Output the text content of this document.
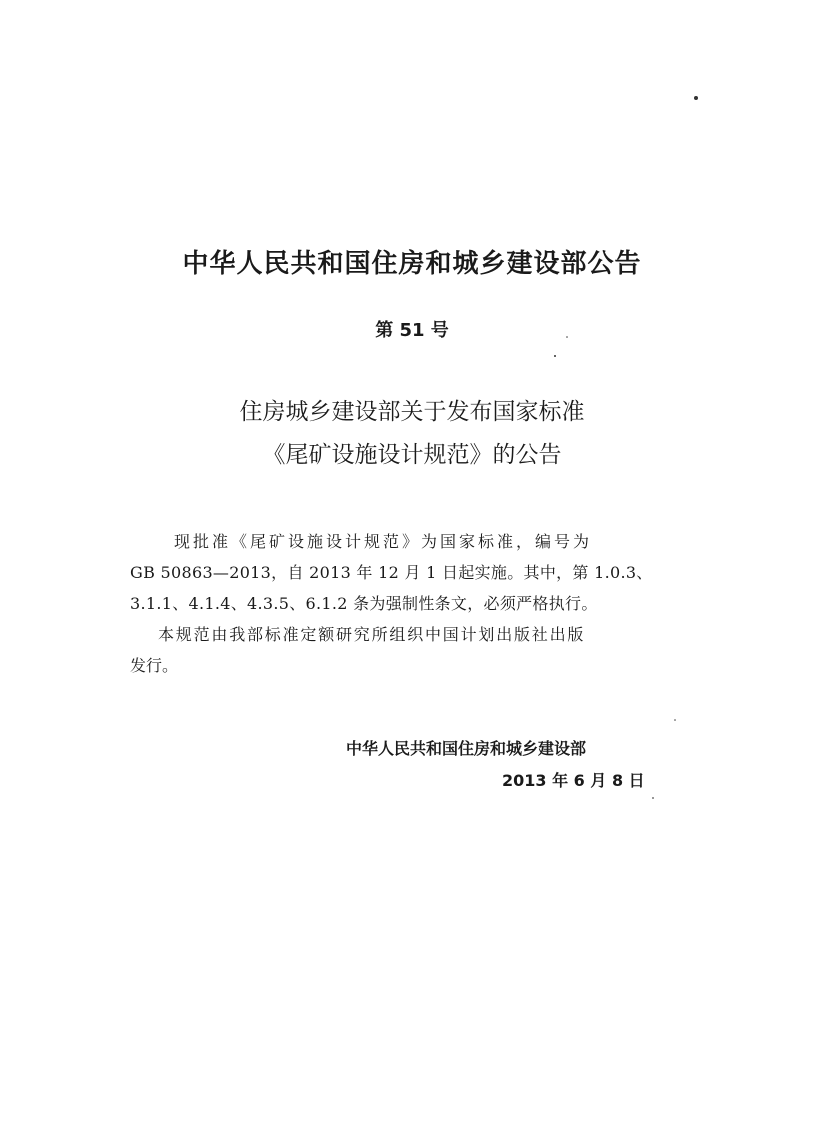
中华人民共和国住房和城乡建设部公告
第 51 号
住房城乡建设部关于发布国家标准
《尾矿设施设计规范》的公告
现批准《尾矿设施设计规范》为国家标准，编号为
GB 50863—2013，自 2013 年 12 月 1 日起实施。其中，第 1.0.3、
3.1.1、4.1.4、4.3.5、6.1.2 条为强制性条文，必须严格执行。
本规范由我部标准定额研究所组织中国计划出版社出版
发行。
中华人民共和国住房和城乡建设部
2013 年 6 月 8 日
